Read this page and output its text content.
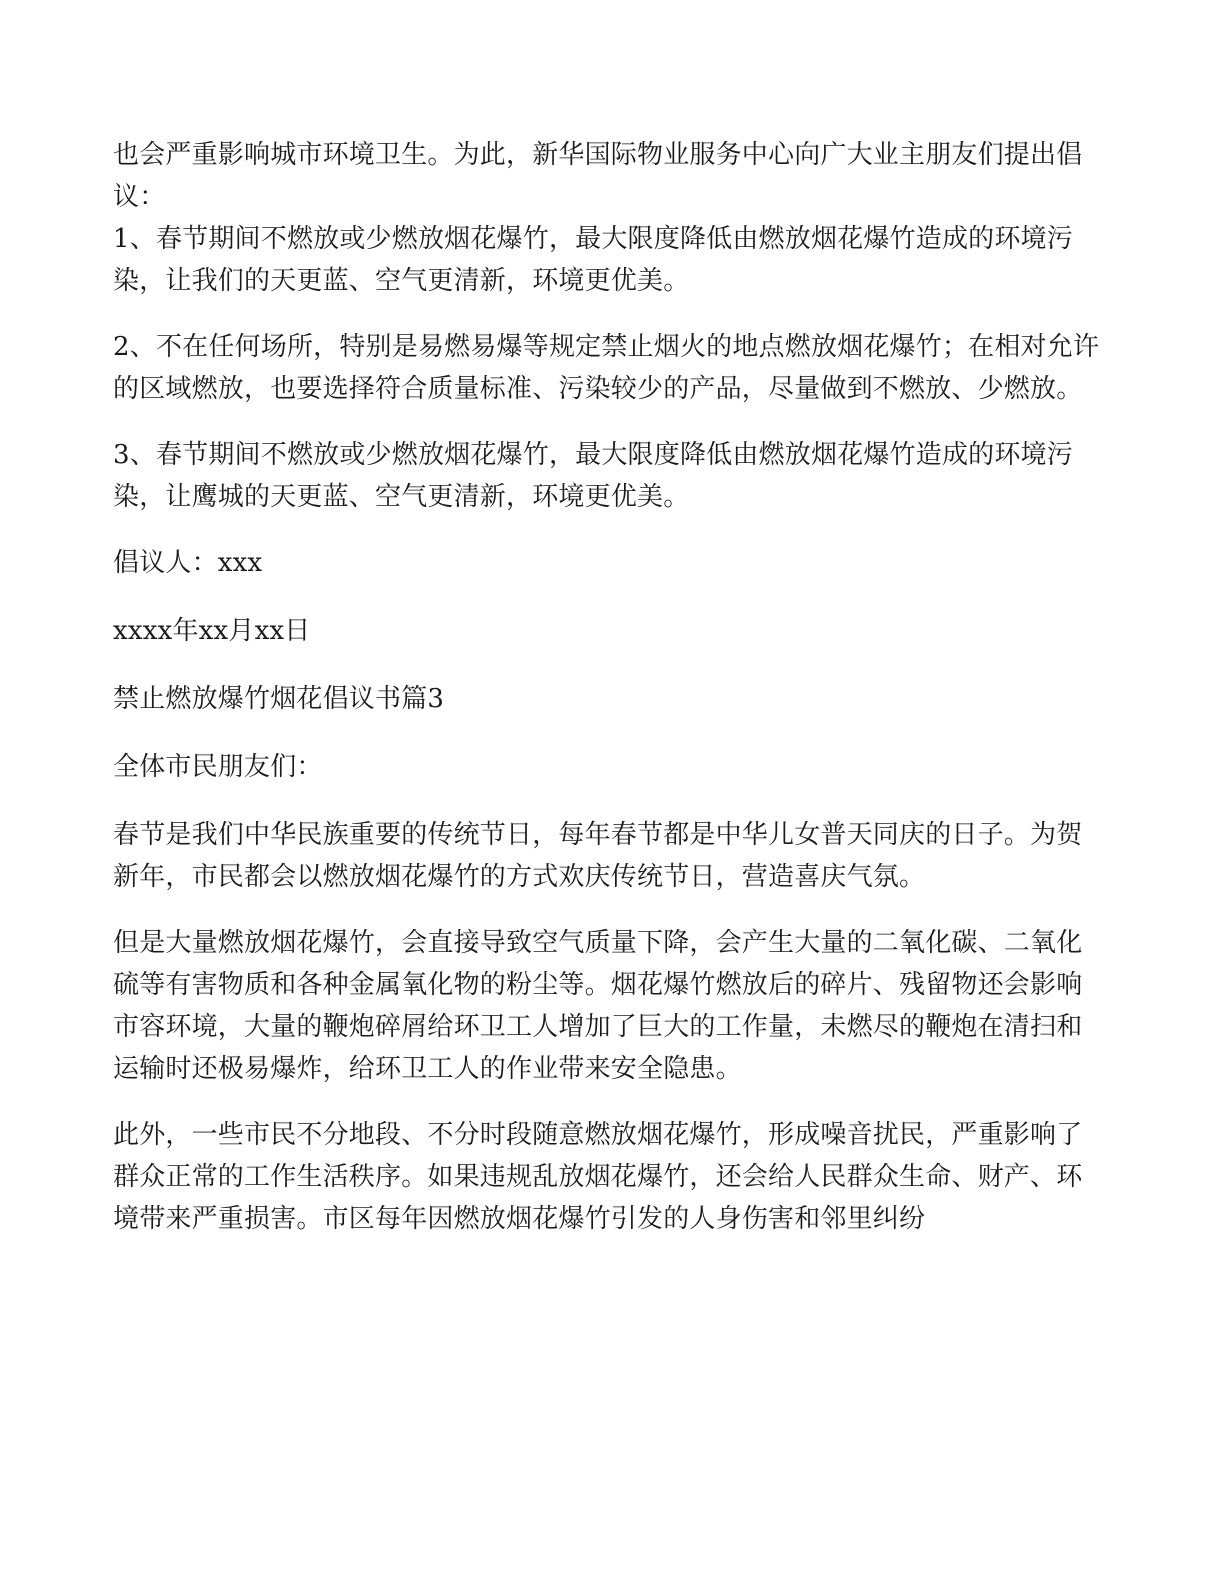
也会严重影响城市环境卫生。为此，新华国际物业服务中心向广大业主朋友们提出倡议：

1、春节期间不燃放或少燃放烟花爆竹，最大限度降低由燃放烟花爆竹造成的环境污染，让我们的天更蓝、空气更清新，环境更优美。

2、不在任何场所，特别是易燃易爆等规定禁止烟火的地点燃放烟花爆竹；在相对允许的区域燃放，也要选择符合质量标准、污染较少的产品，尽量做到不燃放、少燃放。

3、春节期间不燃放或少燃放烟花爆竹，最大限度降低由燃放烟花爆竹造成的环境污染，让鹰城的天更蓝、空气更清新，环境更优美。

倡议人：xxx

xxxx年xx月xx日

禁止燃放爆竹烟花倡议书篇3

全体市民朋友们：

春节是我们中华民族重要的传统节日，每年春节都是中华儿女普天同庆的日子。为贺新年，市民都会以燃放烟花爆竹的方式欢庆传统节日，营造喜庆气氛。

但是大量燃放烟花爆竹，会直接导致空气质量下降，会产生大量的二氧化碳、二氧化硫等有害物质和各种金属氧化物的粉尘等。烟花爆竹燃放后的碎片、残留物还会影响市容环境，大量的鞭炮碎屑给环卫工人增加了巨大的工作量，未燃尽的鞭炮在清扫和运输时还极易爆炸，给环卫工人的作业带来安全隐患。

此外，一些市民不分地段、不分时段随意燃放烟花爆竹，形成噪音扰民，严重影响了群众正常的工作生活秩序。如果违规乱放烟花爆竹，还会给人民群众生命、财产、环境带来严重损害。市区每年因燃放烟花爆竹引发的人身伤害和邻里纠纷
